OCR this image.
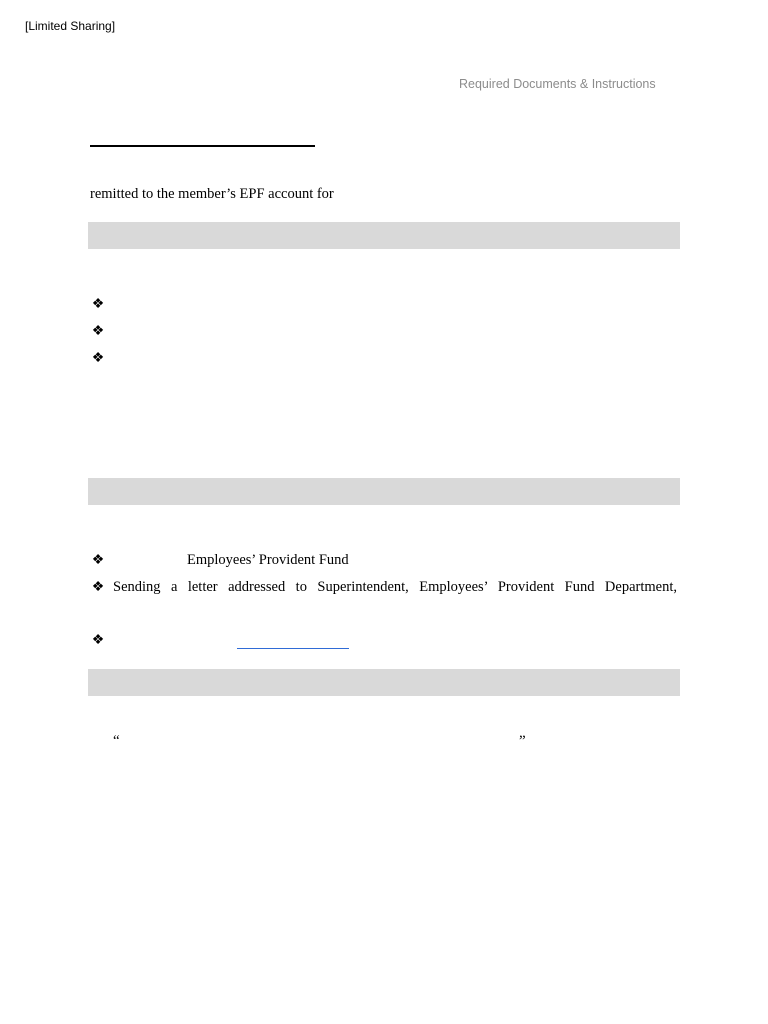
[Limited Sharing]
Required Documents & Instructions
remitted to the member’s EPF account for
❖
❖
❖
❖	Employees’ Provident Fund
❖ Sending a letter addressed to Superintendent, Employees’ Provident Fund Department,
❖
“	”
